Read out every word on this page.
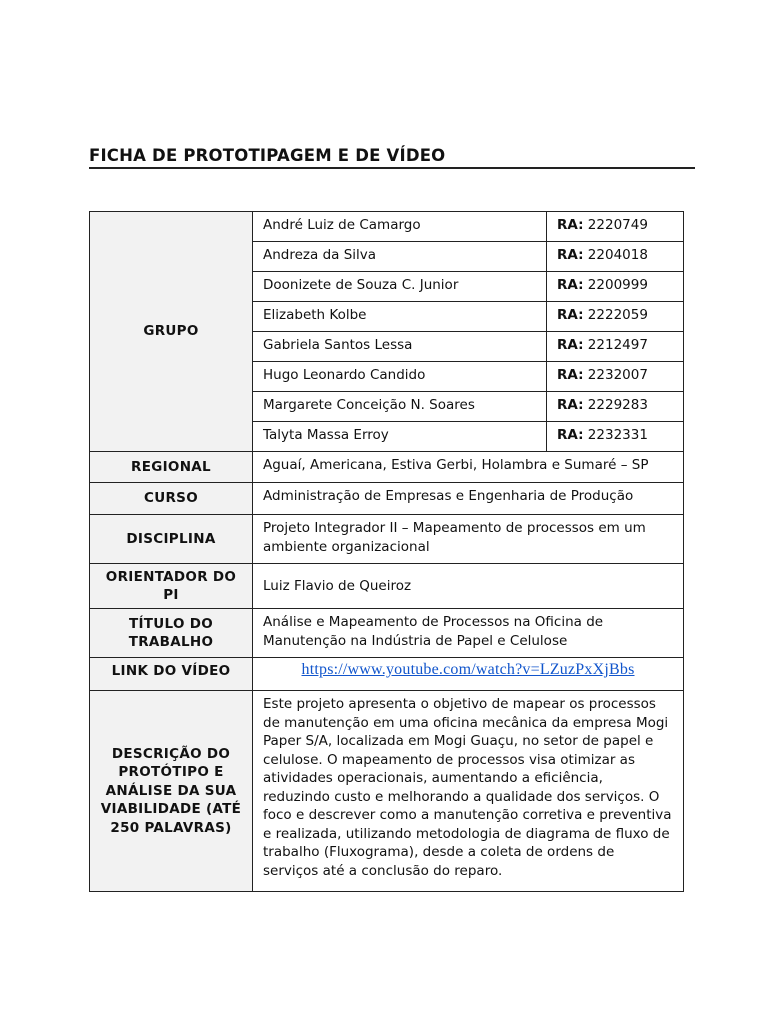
FICHA DE PROTOTIPAGEM E DE VÍDEO
GRUPO	André Luiz de Camargo	RA: 2220749
	Andreza da Silva	RA: 2204018
	Doonizete de Souza C. Junior	RA: 2200999
	Elizabeth Kolbe	RA: 2222059
	Gabriela Santos Lessa	RA: 2212497
	Hugo Leonardo Candido	RA: 2232007
	Margarete Conceição N. Soares	RA: 2229283
	Talyta Massa Erroy	RA: 2232331
REGIONAL	Aguaí, Americana, Estiva Gerbi, Holambra e Sumaré – SP	
CURSO	Administração de Empresas e Engenharia de Produção	
DISCIPLINA	Projeto Integrador II – Mapeamento de processos em um ambiente organizacional	
ORIENTADOR DO PI	Luiz Flavio de Queiroz	
TÍTULO DO TRABALHO	Análise e Mapeamento de Processos na Oficina de Manutenção na Indústria de Papel e Celulose	
LINK DO VÍDEO	https://www.youtube.com/watch?v=LZuzPxXjBbs	
DESCRIÇÃO DO PROTÓTIPO E ANÁLISE DA SUA VIABILIDADE (ATÉ 250 PALAVRAS)	Este projeto apresenta o objetivo de mapear os processos de manutenção em uma oficina mecânica da empresa Mogi Paper S/A, localizada em Mogi Guaçu, no setor de papel e celulose. O mapeamento de processos visa otimizar as atividades operacionais, aumentando a eficiência, reduzindo custo e melhorando a qualidade dos serviços. O foco e descrever como a manutenção corretiva e preventiva e realizada, utilizando metodologia de diagrama de fluxo de trabalho (Fluxograma), desde a coleta de ordens de serviços até a conclusão do reparo.	
